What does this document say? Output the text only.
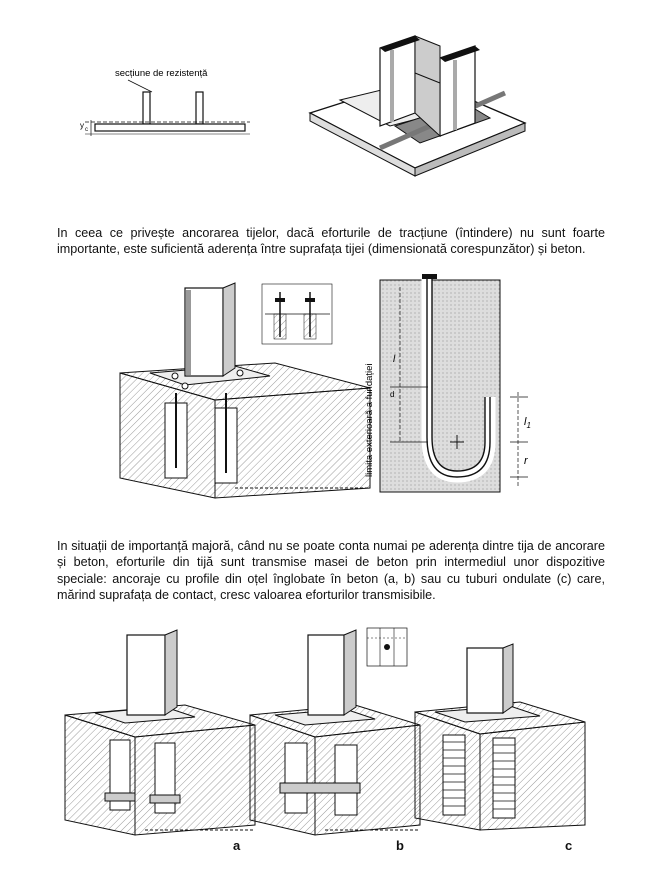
secțiune de rezistență
y c

In ceea ce privește ancorarea tijelor, dacă eforturile de tracțiune (întindere) nu sunt foarte importante, este suficientă aderența între suprafața tijei (dimensionată corespunzător) și beton.

l
d
limita exterioară a fundației	$l_1$
r

In situații de importanță majoră, când nu se poate conta numai pe aderența dintre tija de ancorare și beton, eforturile din tijă sunt transmise masei de beton prin intermediul unor dispozitive speciale: ancoraje cu profile din oțel înglobate în beton (a, b) sau cu tuburi ondulate (c) care, mărind suprafața de contact, cresc valoarea eforturilor transmisibile.

a	b	c
